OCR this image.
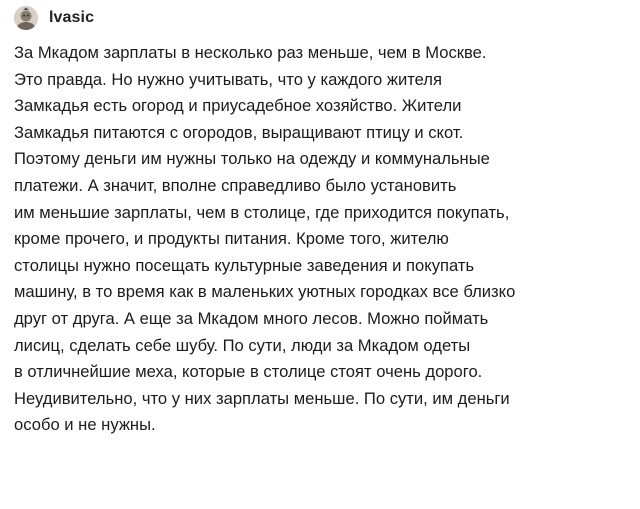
lvasic
За Мкадом зарплаты в несколько раз меньше, чем в Москве.
Это правда. Но нужно учитывать, что у каждого жителя
Замкадья есть огород и приусадебное хозяйство. Жители
Замкадья питаются с огородов, выращивают птицу и скот.
Поэтому деньги им нужны только на одежду и коммунальные
платежи. А значит, вполне справедливо было установить
им меньшие зарплаты, чем в столице, где приходится покупать,
кроме прочего, и продукты питания. Кроме того, жителю
столицы нужно посещать культурные заведения и покупать
машину, в то время как в маленьких уютных городках все близко
друг от друга. А еще за Мкадом много лесов. Можно поймать
лисиц, сделать себе шубу. По сути, люди за Мкадом одеты
в отличнейшие меха, которые в столице стоят очень дорого.
Неудивительно, что у них зарплаты меньше. По сути, им деньги
особо и не нужны.
